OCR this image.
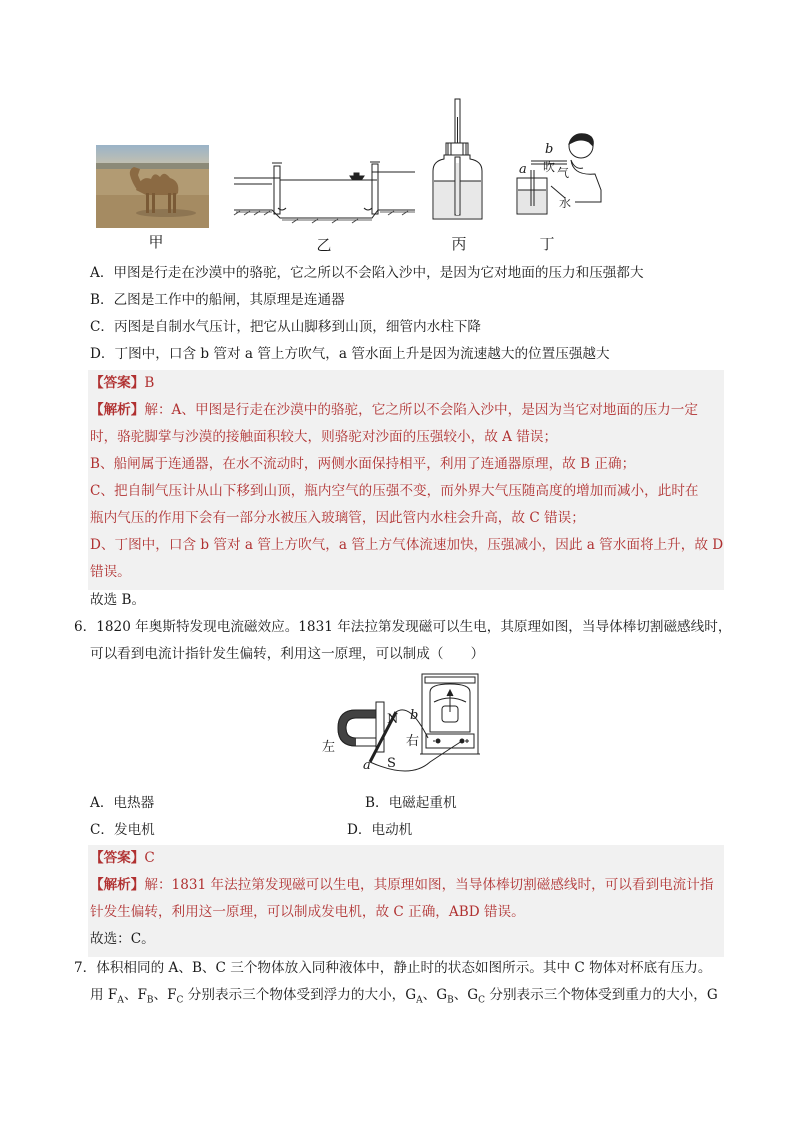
b
a 吹 气
水
甲	乙	丙	丁
A．甲图是行走在沙漠中的骆驼，它之所以不会陷入沙中，是因为它对地面的压力和压强都大
B．乙图是工作中的船闸，其原理是连通器
C．丙图是自制水气压计，把它从山脚移到山顶，细管内水柱下降
D．丁图中，口含 b 管对 a 管上方吹气，a 管水面上升是因为流速越大的位置压强越大
【答案】B
【解析】解：A、甲图是行走在沙漠中的骆驼，它之所以不会陷入沙中，是因为当它对地面的压力一定
时，骆驼脚掌与沙漠的接触面积较大，则骆驼对沙面的压强较小，故 A 错误；
B、船闸属于连通器，在水不流动时，两侧水面保持相平，利用了连通器原理，故 B 正确；
C、把自制气压计从山下移到山顶，瓶内空气的压强不变，而外界大气压随高度的增加而减小，此时在
瓶内气压的作用下会有一部分水被压入玻璃管，因此管内水柱会升高，故 C 错误；
D、丁图中，口含 b 管对 a 管上方吹气，a 管上方气体流速加快，压强减小，因此 a 管水面将上升，故 D
错误。
故选 B。
6．1820 年奥斯特发现电流磁效应。1831 年法拉第发现磁可以生电，其原理如图，当导体棒切割磁感线时，
可以看到电流计指针发生偏转，利用这一原理，可以制成（　　）
左	右
N
S
a
b
A．电热器	B．电磁起重机
C．发电机	D．电动机
【答案】C
【解析】解：1831 年法拉第发现磁可以生电，其原理如图，当导体棒切割磁感线时，可以看到电流计指
针发生偏转，利用这一原理，可以制成发电机，故 C 正确，ABD 错误。
故选：C。
7．体积相同的 A、B、C 三个物体放入同种液体中，静止时的状态如图所示。其中 C 物体对杯底有压力。
用 $F_A$、$F_B$、$F_C$ 分别表示三个物体受到浮力的大小，$G_A$、$G_B$、$G_C$ 分别表示三个物体受到重力的大小，G
